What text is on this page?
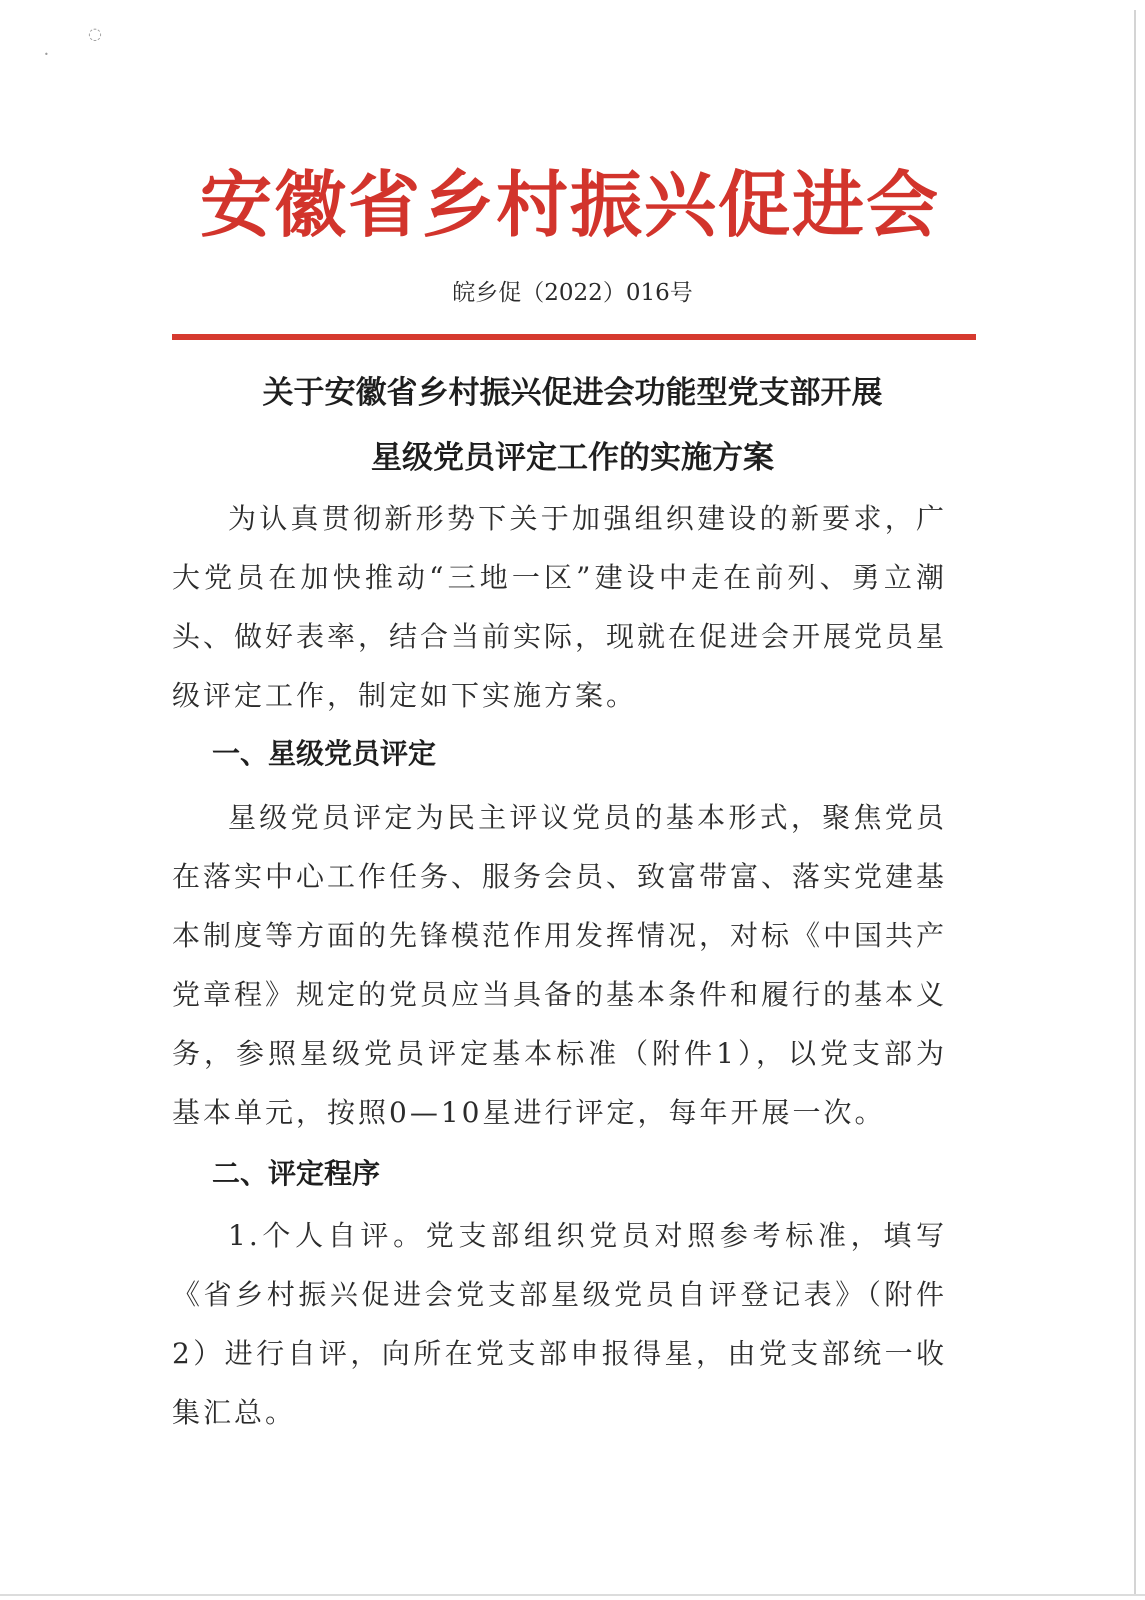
◌
•
安徽省乡村振兴促进会
皖乡促（2022）016号
关于安徽省乡村振兴促进会功能型党支部开展
星级党员评定工作的实施方案
为认真贯彻新形势下关于加强组织建设的新要求，广大党员在加快推动“三地一区”建设中走在前列、勇立潮头、做好表率，结合当前实际，现就在促进会开展党员星级评定工作，制定如下实施方案。
一、星级党员评定
星级党员评定为民主评议党员的基本形式，聚焦党员在落实中心工作任务、服务会员、致富带富、落实党建基本制度等方面的先锋模范作用发挥情况，对标《中国共产党章程》规定的党员应当具备的基本条件和履行的基本义务，参照星级党员评定基本标准（附件1），以党支部为基本单元，按照0—10星进行评定，每年开展一次。
二、评定程序
1.个人自评。党支部组织党员对照参考标准，填写《省乡村振兴促进会党支部星级党员自评登记表》（附件2）进行自评，向所在党支部申报得星，由党支部统一收集汇总。
